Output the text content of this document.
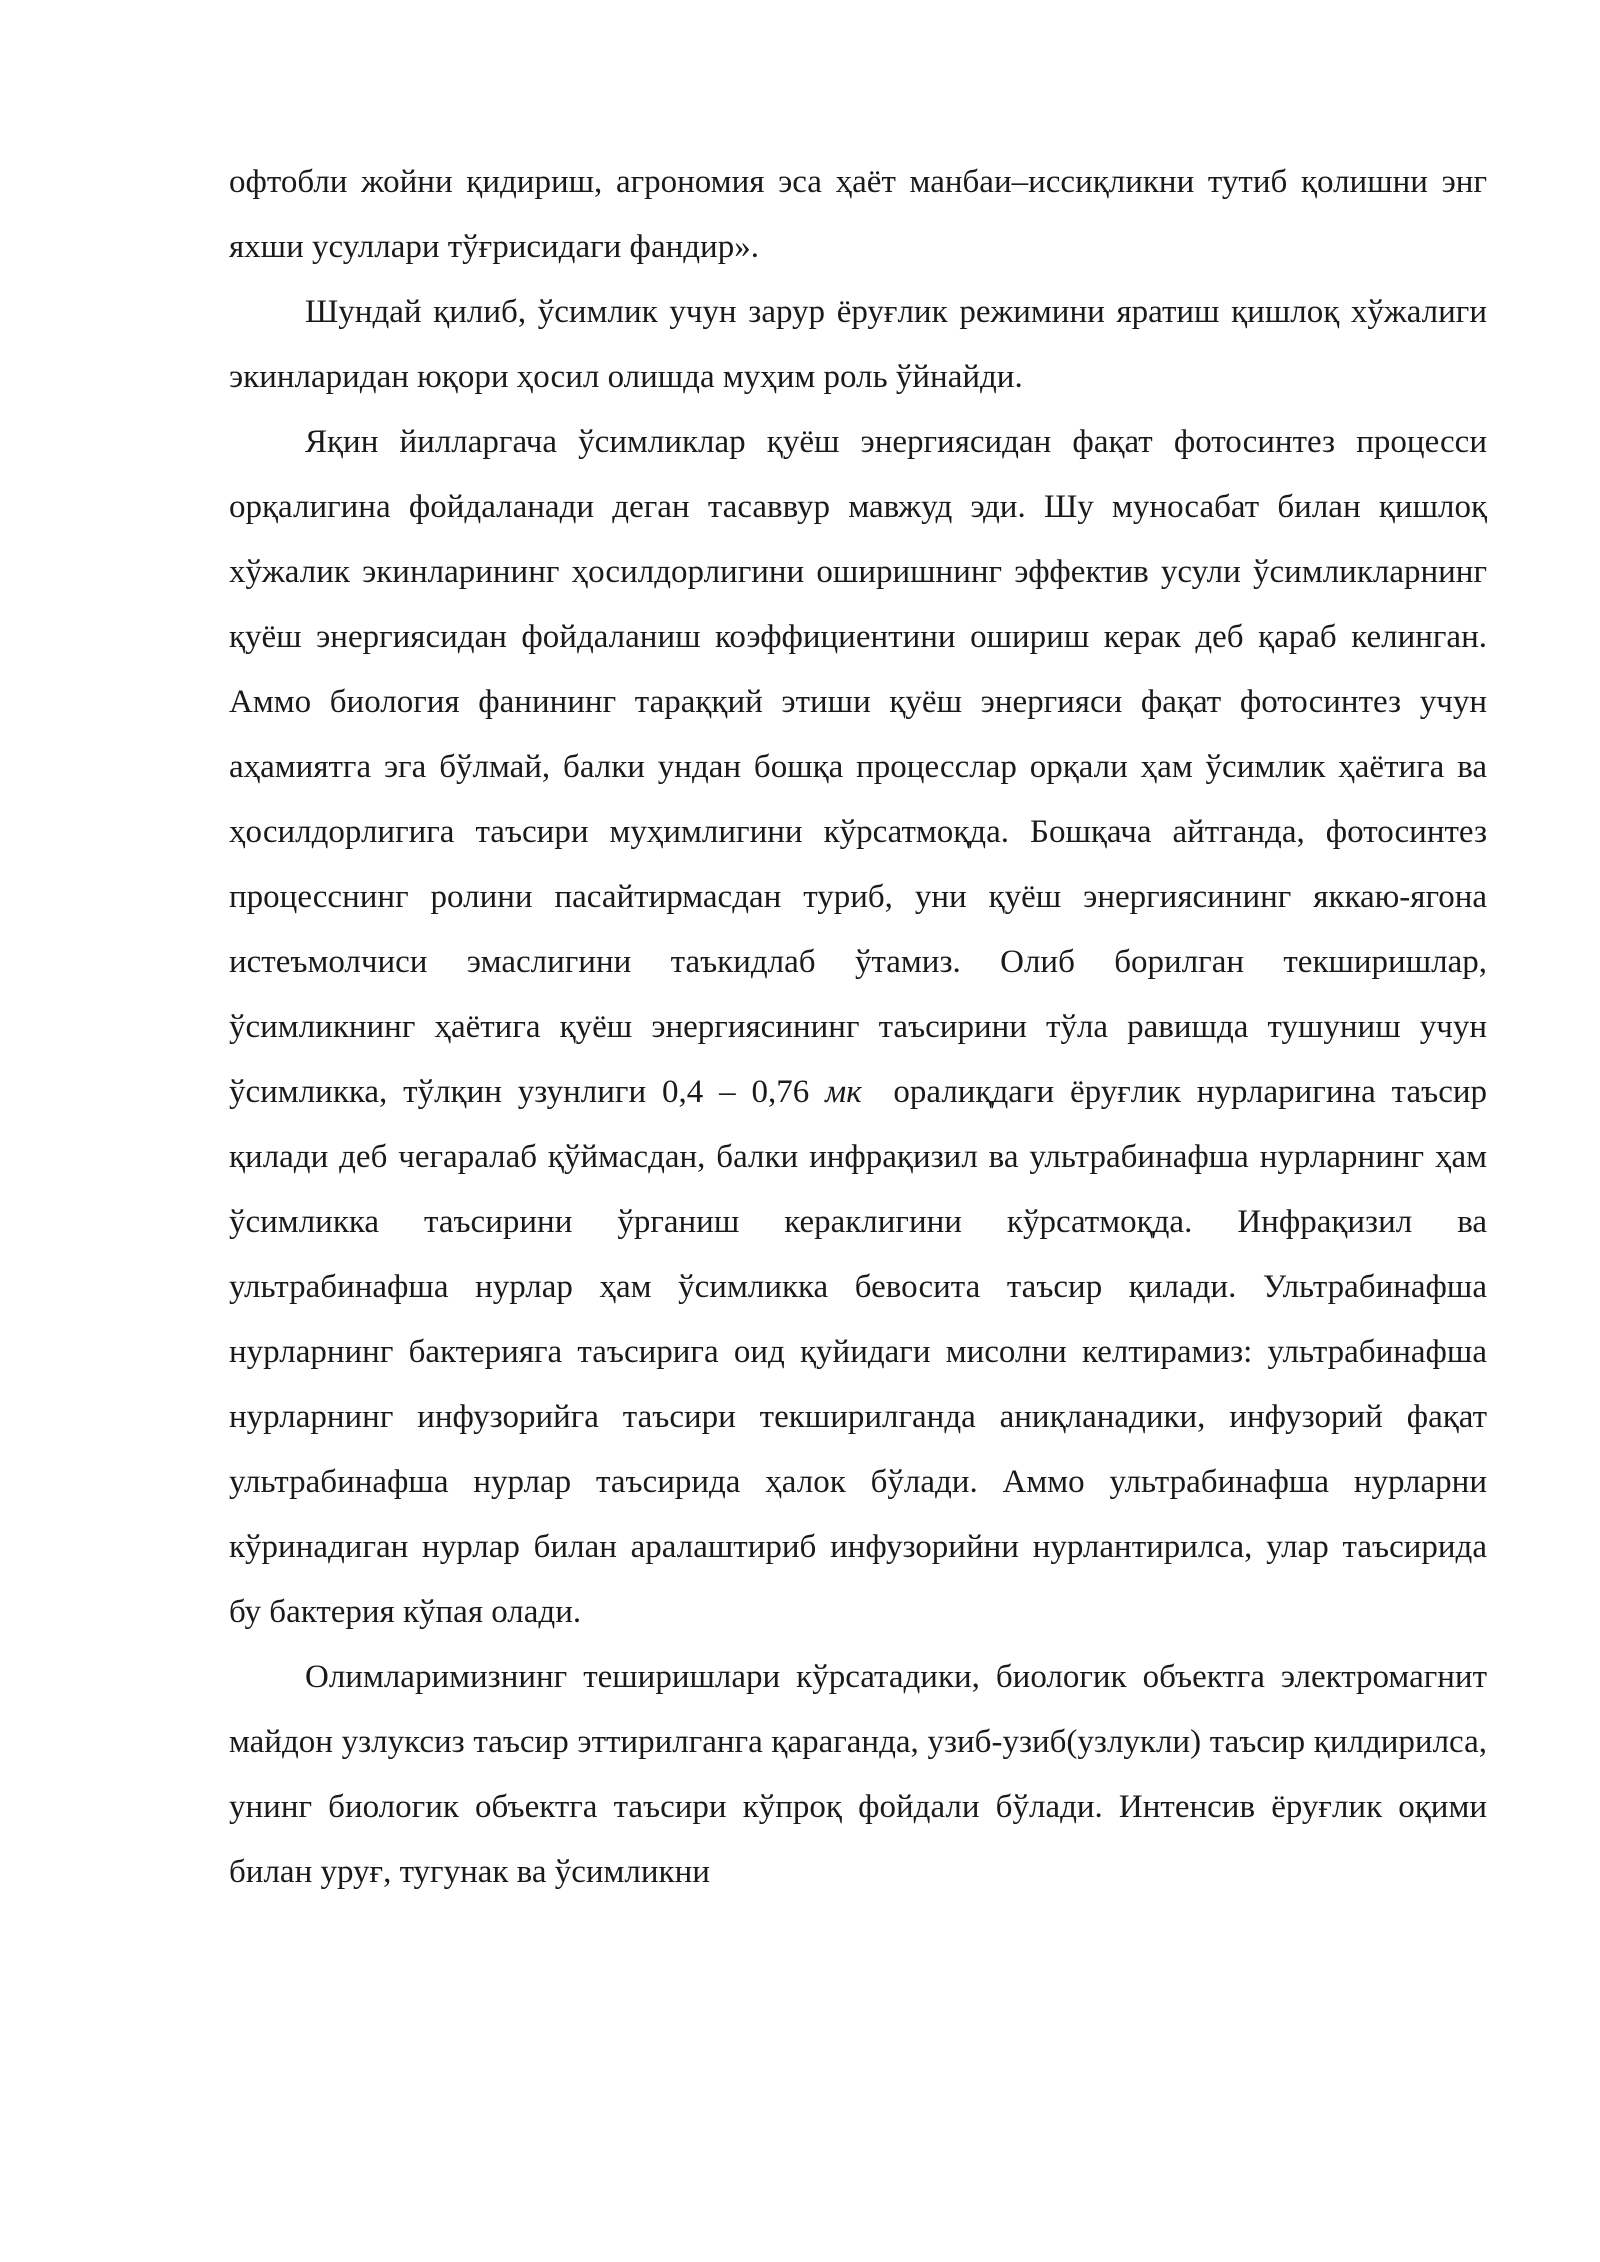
офтобли жойни қидириш, агрономия эса ҳаёт манбаи–иссиқликни тутиб қолишни энг яхши усуллари тўғрисидаги фандир».

Шундай қилиб, ўсимлик учун зарур ёруғлик режимини яратиш қишлоқ хўжалиги экинларидан юқори ҳосил олишда муҳим роль ўйнайди.

Яқин йилларгача ўсимликлар қуёш энергиясидан фақат фотосинтез процесси орқалигина фойдаланади деган тасаввур мавжуд эди. Шу муносабат билан қишлоқ хўжалик экинларининг ҳосилдорлигини оширишнинг эффектив усули ўсимликларнинг қуёш энергиясидан фойдаланиш коэффициентини ошириш керак деб қараб келинган. Аммо биология фанининг тараққий этиши қуёш энергияси фақат фотосинтез учун аҳамиятга эга бўлмай, балки ундан бошқа процесслар орқали ҳам ўсимлик ҳаётига ва ҳосилдорлигига таъсири муҳимлигини кўрсатмоқда. Бошқача айтганда, фотосинтез процесснинг ролини пасайтирмасдан туриб, уни қуёш энергиясининг яккаю-ягона истеъмолчиси эмаслигини таъкидлаб ўтамиз. Олиб борилган текширишлар, ўсимликнинг ҳаётига қуёш энергиясининг таъсирини тўла равишда тушуниш учун ўсимликка, тўлқин узунлиги 0,4 – 0,76 мк оралиқдаги ёруғлик нурларигина таъсир қилади деб чегаралаб қўймасдан, балки инфрақизил ва ультрабинафша нурларнинг ҳам ўсимликка таъсирини ўрганиш кераклигини кўрсатмоқда. Инфрақизил ва ультрабинафша нурлар ҳам ўсимликка бевосита таъсир қилади. Ультрабинафша нурларнинг бактерияга таъсирига оид қуйидаги мисолни келтирамиз: ультрабинафша нурларнинг инфузорийга таъсири текширилганда аниқланадики, инфузорий фақат ультрабинафша нурлар таъсирида ҳалок бўлади. Аммо ультрабинафша нурларни кўринадиган нурлар билан аралаштириб инфузорийни нурлантирилса, улар таъсирида бу бактерия кўпая олади.

Олимларимизнинг теширишлари кўрсатадики, биологик объектга электромагнит майдон узлуксиз таъсир эттирилганга қараганда, узиб-узиб(узлукли) таъсир қилдирилса, унинг биологик объектга таъсири кўпроқ фойдали бўлади. Интенсив ёруғлик оқими билан уруғ, тугунак ва ўсимликни
